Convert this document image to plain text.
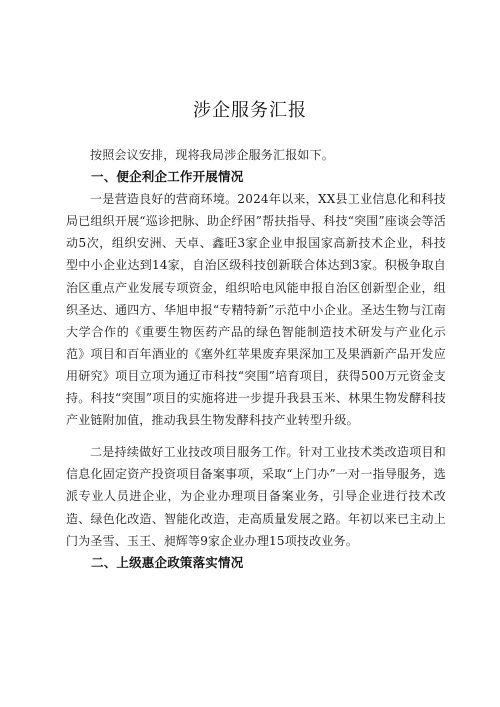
涉企服务汇报

按照会议安排，现将我局涉企服务汇报如下。

一、便企利企工作开展情况

一是营造良好的营商环境。2024年以来，XX县工业信息化和科技局已组织开展“巡诊把脉、助企纾困”帮扶指导、科技“突围”座谈会等活动5次，组织安洲、天卓、鑫旺3家企业申报国家高新技术企业，科技型中小企业达到14家，自治区级科技创新联合体达到3家。积极争取自治区重点产业发展专项资金，组织哈电风能申报自治区创新型企业，组织圣达、通四方、华旭申报“专精特新”示范中小企业。圣达生物与江南大学合作的《重要生物医药产品的绿色智能制造技术研发与产业化示范》项目和百年酒业的《塞外红苹果废弃果深加工及果酒新产品开发应用研究》项目立项为通辽市科技“突围”培育项目，获得500万元资金支持。科技“突围”项目的实施将进一步提升我县玉米、林果生物发酵科技产业链附加值，推动我县生物发酵科技产业转型升级。

二是持续做好工业技改项目服务工作。针对工业技术类改造项目和信息化固定资产投资项目备案事项，采取“上门办”一对一指导服务，选派专业人员进企业，为企业办理项目备案业务，引导企业进行技术改造、绿色化改造、智能化改造，走高质量发展之路。年初以来已主动上门为圣雪、玉王、昶辉等9家企业办理15项技改业务。

二、上级惠企政策落实情况
